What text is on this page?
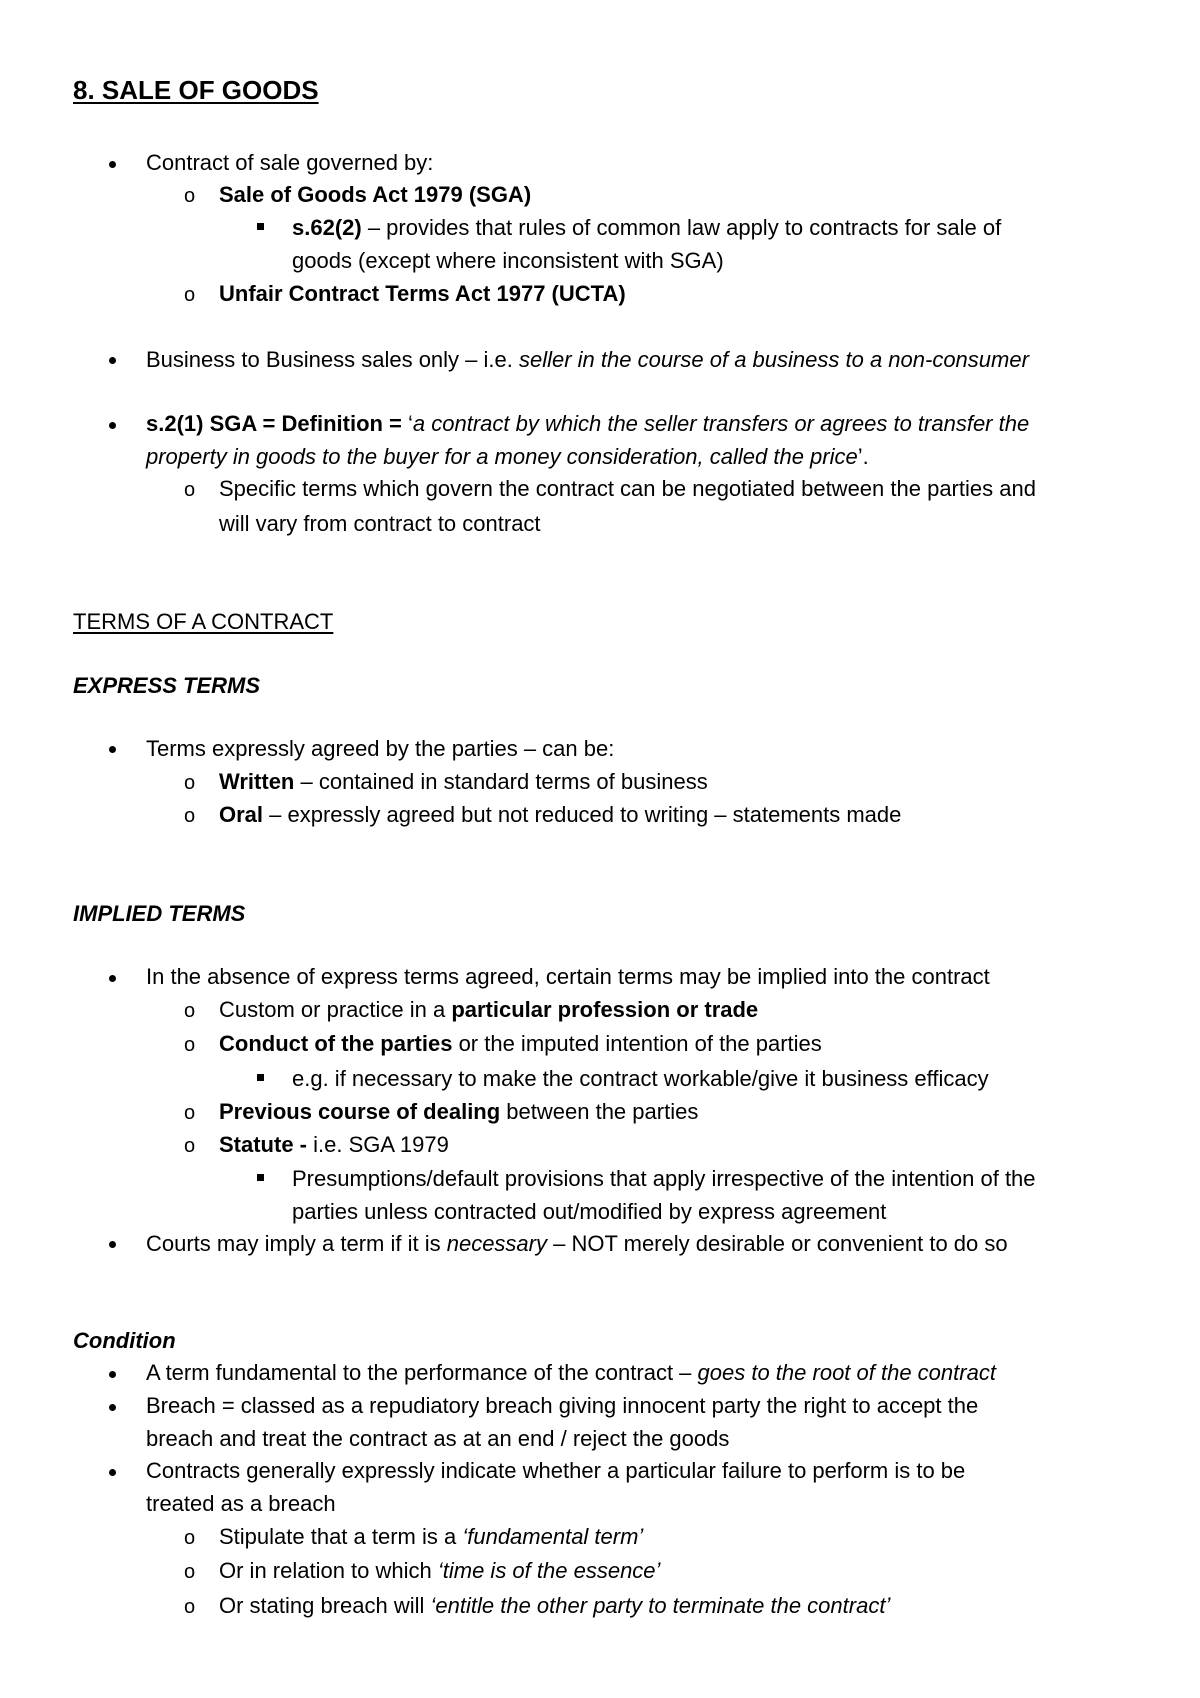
8. SALE OF GOODS
Contract of sale governed by:
o Sale of Goods Act 1979 (SGA)
s.62(2) – provides that rules of common law apply to contracts for sale of
goods (except where inconsistent with SGA)
o Unfair Contract Terms Act 1977 (UCTA)
Business to Business sales only – i.e. seller in the course of a business to a non-consumer
s.2(1) SGA = Definition = ‘a contract by which the seller transfers or agrees to transfer the
property in goods to the buyer for a money consideration, called the price’.
o Specific terms which govern the contract can be negotiated between the parties and
will vary from contract to contract
TERMS OF A CONTRACT
EXPRESS TERMS
Terms expressly agreed by the parties – can be:
o Written – contained in standard terms of business
o Oral – expressly agreed but not reduced to writing – statements made
IMPLIED TERMS
In the absence of express terms agreed, certain terms may be implied into the contract
o Custom or practice in a particular profession or trade
o Conduct of the parties or the imputed intention of the parties
e.g. if necessary to make the contract workable/give it business efficacy
o Previous course of dealing between the parties
o Statute - i.e. SGA 1979
Presumptions/default provisions that apply irrespective of the intention of the
parties unless contracted out/modified by express agreement
Courts may imply a term if it is necessary – NOT merely desirable or convenient to do so
Condition
A term fundamental to the performance of the contract – goes to the root of the contract
Breach = classed as a repudiatory breach giving innocent party the right to accept the
breach and treat the contract as at an end / reject the goods
Contracts generally expressly indicate whether a particular failure to perform is to be
treated as a breach
o Stipulate that a term is a ‘fundamental term’
o Or in relation to which ‘time is of the essence’
o Or stating breach will ‘entitle the other party to terminate the contract’
